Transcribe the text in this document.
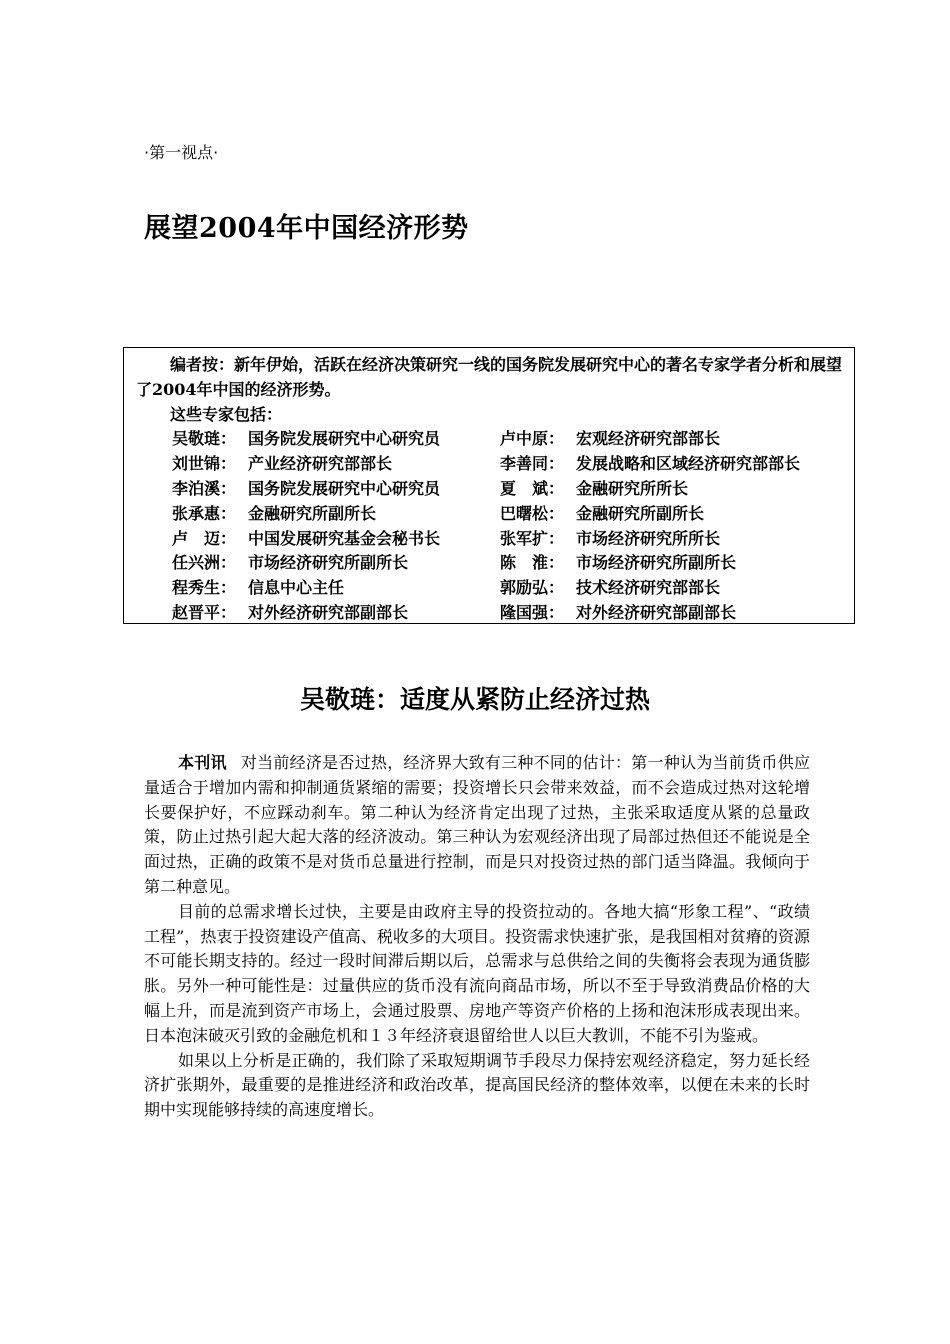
·第一视点·
展望2004年中国经济形势

编者按：新年伊始，活跃在经济决策研究一线的国务院发展研究中心的著名专家学者分析和展望了2004年中国的经济形势。

这些专家包括：

吴敬琏： 国务院发展研究中心研究员	卢中原： 宏观经济研究部部长
刘世锦： 产业经济研究部部长	李善同： 发展战略和区域经济研究部部长
李泊溪： 国务院发展研究中心研究员	夏　斌： 金融研究所所长
张承惠： 金融研究所副所长	巴曙松： 金融研究所副所长
卢　迈： 中国发展研究基金会秘书长	张军扩： 市场经济研究所所长
任兴洲： 市场经济研究所副所长	陈　淮： 市场经济研究所副所长
程秀生： 信息中心主任	郭励弘： 技术经济研究部部长
赵晋平： 对外经济研究部副部长	隆国强： 对外经济研究部副部长
吴敬琏：适度从紧防止经济过热

本刊讯 对当前经济是否过热，经济界大致有三种不同的估计：第一种认为当前货币供应量适合于增加内需和抑制通货紧缩的需要；投资增长只会带来效益，而不会造成过热对这轮增长要保护好，不应踩动刹车。第二种认为经济肯定出现了过热，主张采取适度从紧的总量政策，防止过热引起大起大落的经济波动。第三种认为宏观经济出现了局部过热但还不能说是全面过热，正确的政策不是对货币总量进行控制，而是只对投资过热的部门适当降温。我倾向于第二种意见。

目前的总需求增长过快，主要是由政府主导的投资拉动的。各地大搞“形象工程”、“政绩工程”，热衷于投资建设产值高、税收多的大项目。投资需求快速扩张，是我国相对贫瘠的资源不可能长期支持的。经过一段时间滞后期以后，总需求与总供给之间的失衡将会表现为通货膨胀。另外一种可能性是：过量供应的货币没有流向商品市场，所以不至于导致消费品价格的大幅上升，而是流到资产市场上，会通过股票、房地产等资产价格的上扬和泡沫形成表现出来。日本泡沫破灭引致的金融危机和１３年经济衰退留给世人以巨大教训，不能不引为鉴戒。

如果以上分析是正确的，我们除了采取短期调节手段尽力保持宏观经济稳定，努力延长经济扩张期外，最重要的是推进经济和政治改革，提高国民经济的整体效率，以便在未来的长时期中实现能够持续的高速度增长。
